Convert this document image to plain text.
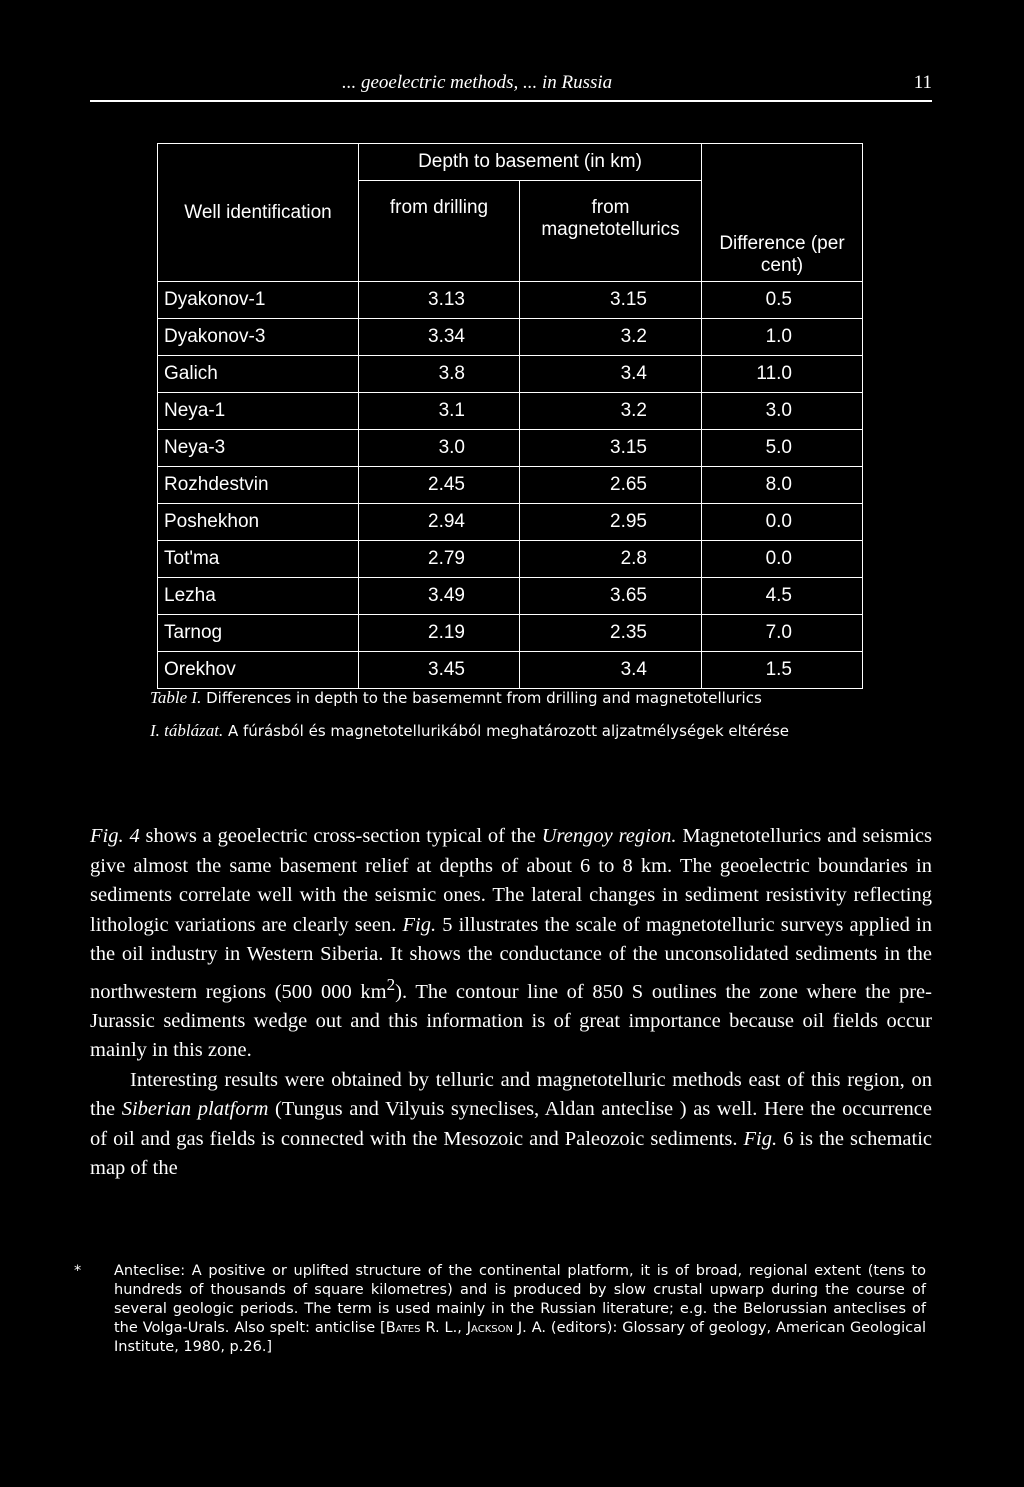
... geoelectric methods, ... in Russia	11
Well identification	Depth to basement (in km)		Difference (per cent)
	from drilling	from magnetotellurics	
Dyakonov-1	3.13	3.15	0.5
Dyakonov-3	3.34	3.2	1.0
Galich	3.8	3.4	11.0
Neya-1	3.1	3.2	3.0
Neya-3	3.0	3.15	5.0
Rozhdestvin	2.45	2.65	8.0
Poshekhon	2.94	2.95	0.0
Tot'ma	2.79	2.8	0.0
Lezha	3.49	3.65	4.5
Tarnog	2.19	2.35	7.0
Orekhov	3.45	3.4	1.5
Table I. Differences in depth to the basememnt from drilling and magnetotellurics
I. táblázat. A fúrásból és magnetotellurikából meghatározott aljzatmélységek eltérése

Fig. 4 shows a geoelectric cross-section typical of the Urengoy region. Magnetotellurics and seismics give almost the same basement relief at depths of about 6 to 8 km. The geoelectric boundaries in sediments correlate well with the seismic ones. The lateral changes in sediment resistivity reflecting lithologic variations are clearly seen. Fig. 5 illustrates the scale of magnetotelluric surveys applied in the oil industry in Western Siberia. It shows the conductance of the unconsolidated sediments in the northwestern regions (500 000 $km^2$). The contour line of 850 S outlines the zone where the pre-Jurassic sediments wedge out and this information is of great importance because oil fields occur mainly in this zone.

Interesting results were obtained by telluric and magnetotelluric methods east of this region, on the Siberian platform (Tungus and Vilyuis syneclises, Aldan anteclise ) as well. Here the occurrence of oil and gas fields is connected with the Mesozoic and Paleozoic sediments. Fig. 6 is the schematic map of the

* Anteclise: A positive or uplifted structure of the continental platform, it is of broad, regional extent (tens to hundreds of thousands of square kilometres) and is produced by slow crustal upwarp during the course of several geologic periods. The term is used mainly in the Russian literature; e.g. the Belorussian anteclises of the Volga-Urals. Also spelt: anticlise [Bates R. L., Jackson J. A. (editors): Glossary of geology, American Geological Institute, 1980, p.26.]
